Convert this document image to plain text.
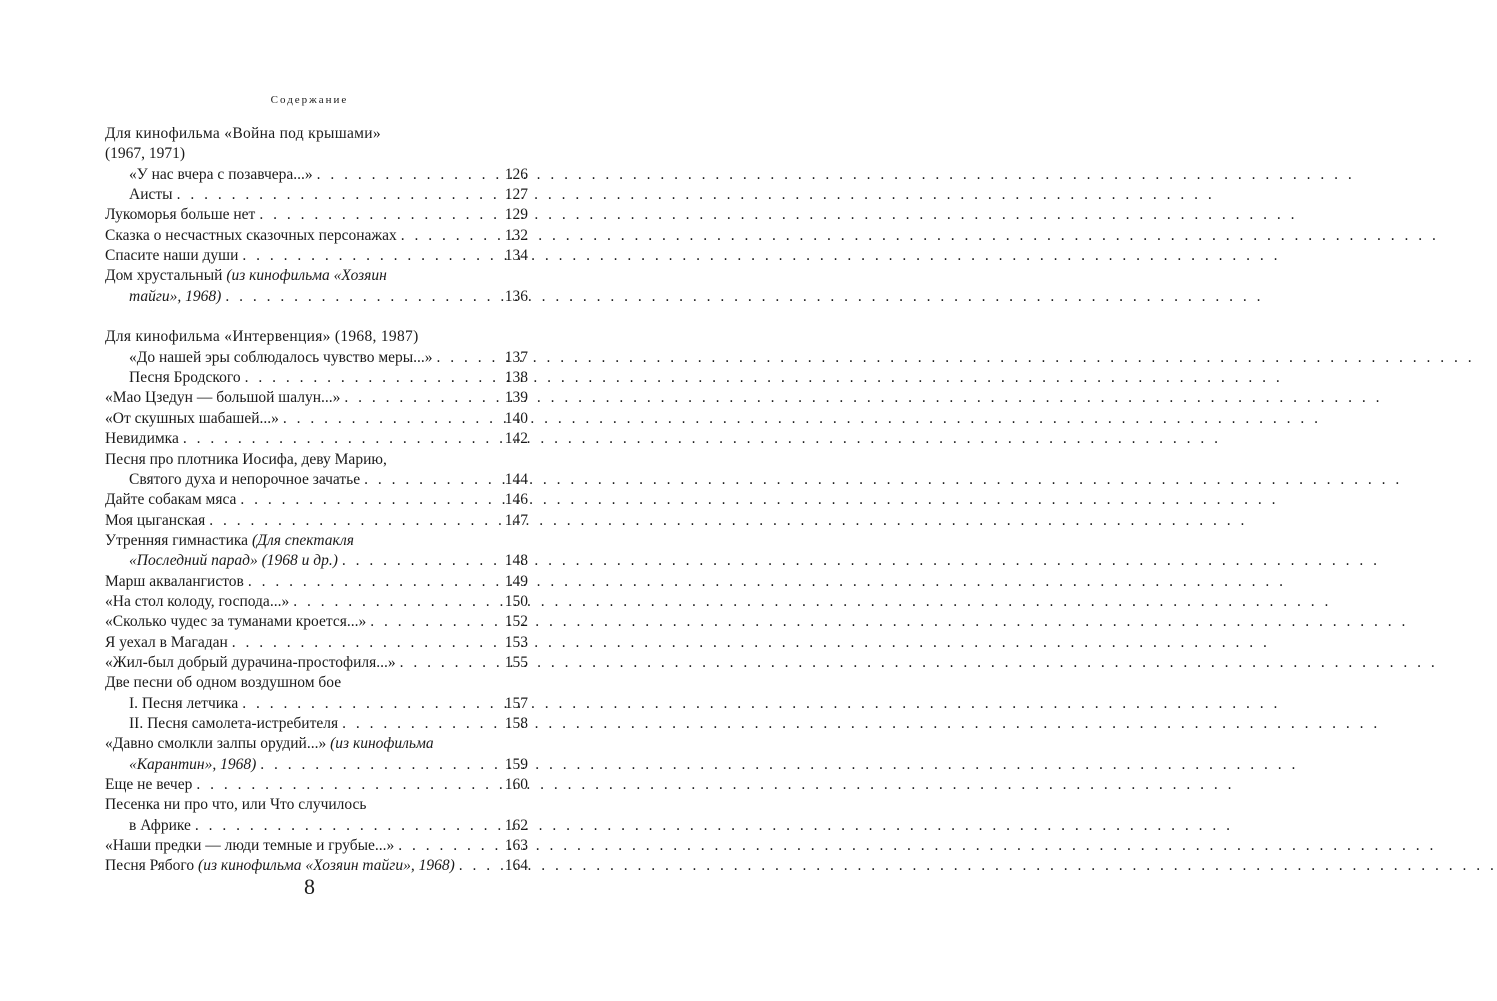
Содержание
Для кинофильма «Война под крышами»
(1967, 1971)
«У нас вчера с позавчера...» . . .	126
Аисты . . .	127
Лукоморья больше нет . . .	129
Сказка о несчастных сказочных персонажах . . .	132
Спасите наши души . . .	134
Дом хрустальный (из кинофильма «Хозяин
тайги», 1968) . . .	136
Для кинофильма «Интервенция» (1968, 1987)
«До нашей эры соблюдалось чувство меры...» . . .	137
Песня Бродского . . .	138
«Мао Цзедун — большой шалун...» . . .	139
«От скушных шабашей...» . . .	140
Невидимка . . .	142
Песня про плотника Иосифа, деву Марию,
Святого духа и непорочное зачатье . . .	144
Дайте собакам мяса . . .	146
Моя цыганская . . .	147
Утренняя гимнастика (Для спектакля
«Последний парад» (1968 и др.) . . .	148
Марш аквалангистов . . .	149
«На стол колоду, господа...» . . .	150
«Сколько чудес за туманами кроется...» . . .	152
Я уехал в Магадан . . .	153
«Жил-был добрый дурачина-простофиля...» . . .	155
Две песни об одном воздушном бое
I. Песня летчика . . .	157
II. Песня самолета-истребителя . . .	158
«Давно смолкли залпы орудий...» (из кинофильма
«Карантин», 1968) . . .	159
Еще не вечер . . .	160
Песенка ни про что, или Что случилось
в Африке . . .	162
«Наши предки — люди темные и грубые...» . . .	163
Песня Рябого (из кинофильма «Хозяин тайги», 1968) . . .	164
8
